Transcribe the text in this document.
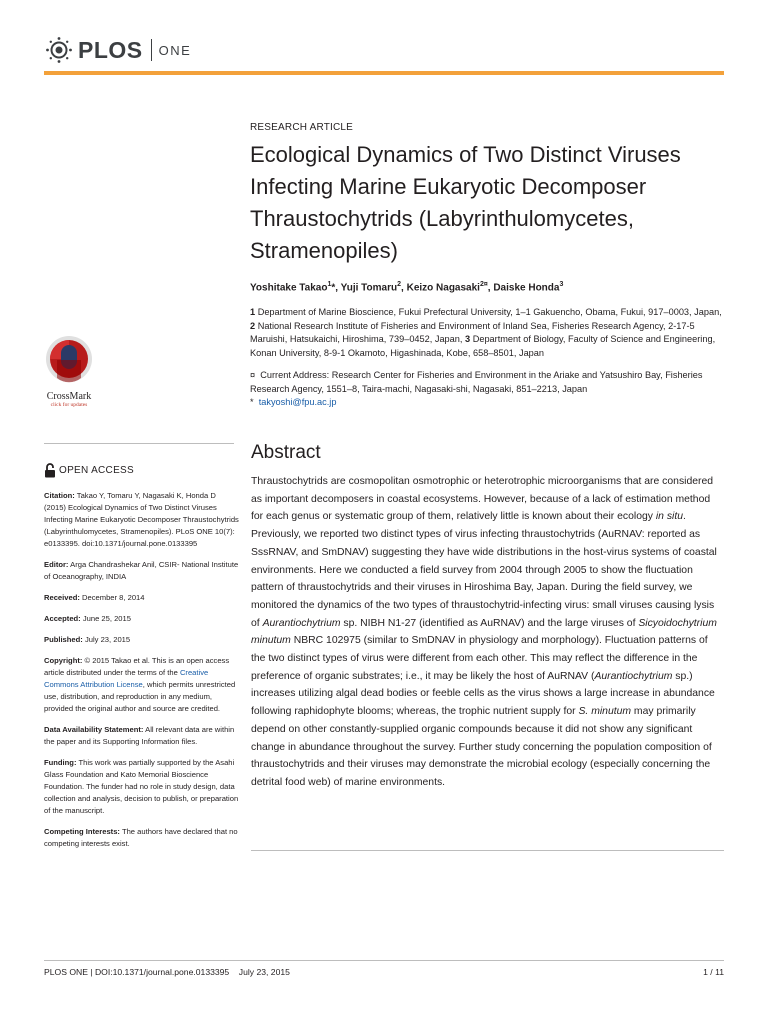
PLOS ONE
RESEARCH ARTICLE
Ecological Dynamics of Two Distinct Viruses Infecting Marine Eukaryotic Decomposer Thraustochytrids (Labyrinthulomycetes, Stramenopiles)
Yoshitake Takao$^1$*, Yuji Tomaru$^2$, Keizo Nagasaki$^{2¤}$, Daiske Honda$^3$
1 Department of Marine Bioscience, Fukui Prefectural University, 1–1 Gakuencho, Obama, Fukui, 917–0003, Japan, 2 National Research Institute of Fisheries and Environment of Inland Sea, Fisheries Research Agency, 2-17-5 Maruishi, Hatsukaichi, Hiroshima, 739–0452, Japan, 3 Department of Biology, Faculty of Science and Engineering, Konan University, 8-9-1 Okamoto, Higashinada, Kobe, 658–8501, Japan
¤ Current Address: Research Center for Fisheries and Environment in the Ariake and Yatsushiro Bay, Fisheries Research Agency, 1551–8, Taira-machi, Nagasaki-shi, Nagasaki, 851–2213, Japan
* takyoshi@fpu.ac.jp
CrossMark
click for updates
OPEN ACCESS
Citation: Takao Y, Tomaru Y, Nagasaki K, Honda D (2015) Ecological Dynamics of Two Distinct Viruses Infecting Marine Eukaryotic Decomposer Thraustochytrids (Labyrinthulomycetes, Stramenopiles). PLoS ONE 10(7): e0133395. doi:10.1371/journal.pone.0133395
Editor: Arga Chandrashekar Anil, CSIR- National Institute of Oceanography, INDIA
Received: December 8, 2014
Accepted: June 25, 2015
Published: July 23, 2015
Copyright: © 2015 Takao et al. This is an open access article distributed under the terms of the Creative Commons Attribution License, which permits unrestricted use, distribution, and reproduction in any medium, provided the original author and source are credited.
Data Availability Statement: All relevant data are within the paper and its Supporting Information files.
Funding: This work was partially supported by the Asahi Glass Foundation and Kato Memorial Bioscience Foundation. The funder had no role in study design, data collection and analysis, decision to publish, or preparation of the manuscript.
Competing Interests: The authors have declared that no competing interests exist.
Abstract
Thraustochytrids are cosmopolitan osmotrophic or heterotrophic microorganisms that are considered as important decomposers in coastal ecosystems. However, because of a lack of estimation method for each genus or systematic group of them, relatively little is known about their ecology in situ. Previously, we reported two distinct types of virus infecting thraustochytrids (AuRNAV: reported as SssRNAV, and SmDNAV) suggesting they have wide distributions in the host-virus systems of coastal environments. Here we conducted a field survey from 2004 through 2005 to show the fluctuation pattern of thraustochytrids and their viruses in Hiroshima Bay, Japan. During the field survey, we monitored the dynamics of the two types of thraustochytrid-infecting virus: small viruses causing lysis of Aurantiochytrium sp. NIBH N1-27 (identified as AuRNAV) and the large viruses of Sicyoidochytrium minutum NBRC 102975 (similar to SmDNAV in physiology and morphology). Fluctuation patterns of the two distinct types of virus were different from each other. This may reflect the difference in the preference of organic substrates; i.e., it may be likely the host of AuRNAV (Aurantiochytrium sp.) increases utilizing algal dead bodies or feeble cells as the virus shows a large increase in abundance following raphidophyte blooms; whereas, the trophic nutrient supply for S. minutum may primarily depend on other constantly-supplied organic compounds because it did not show any significant change in abundance throughout the survey. Further study concerning the population composition of thraustochytrids and their viruses may demonstrate the microbial ecology (especially concerning the detrital food web) of marine environments.
PLOS ONE | DOI:10.1371/journal.pone.0133395 July 23, 2015	1 / 11
